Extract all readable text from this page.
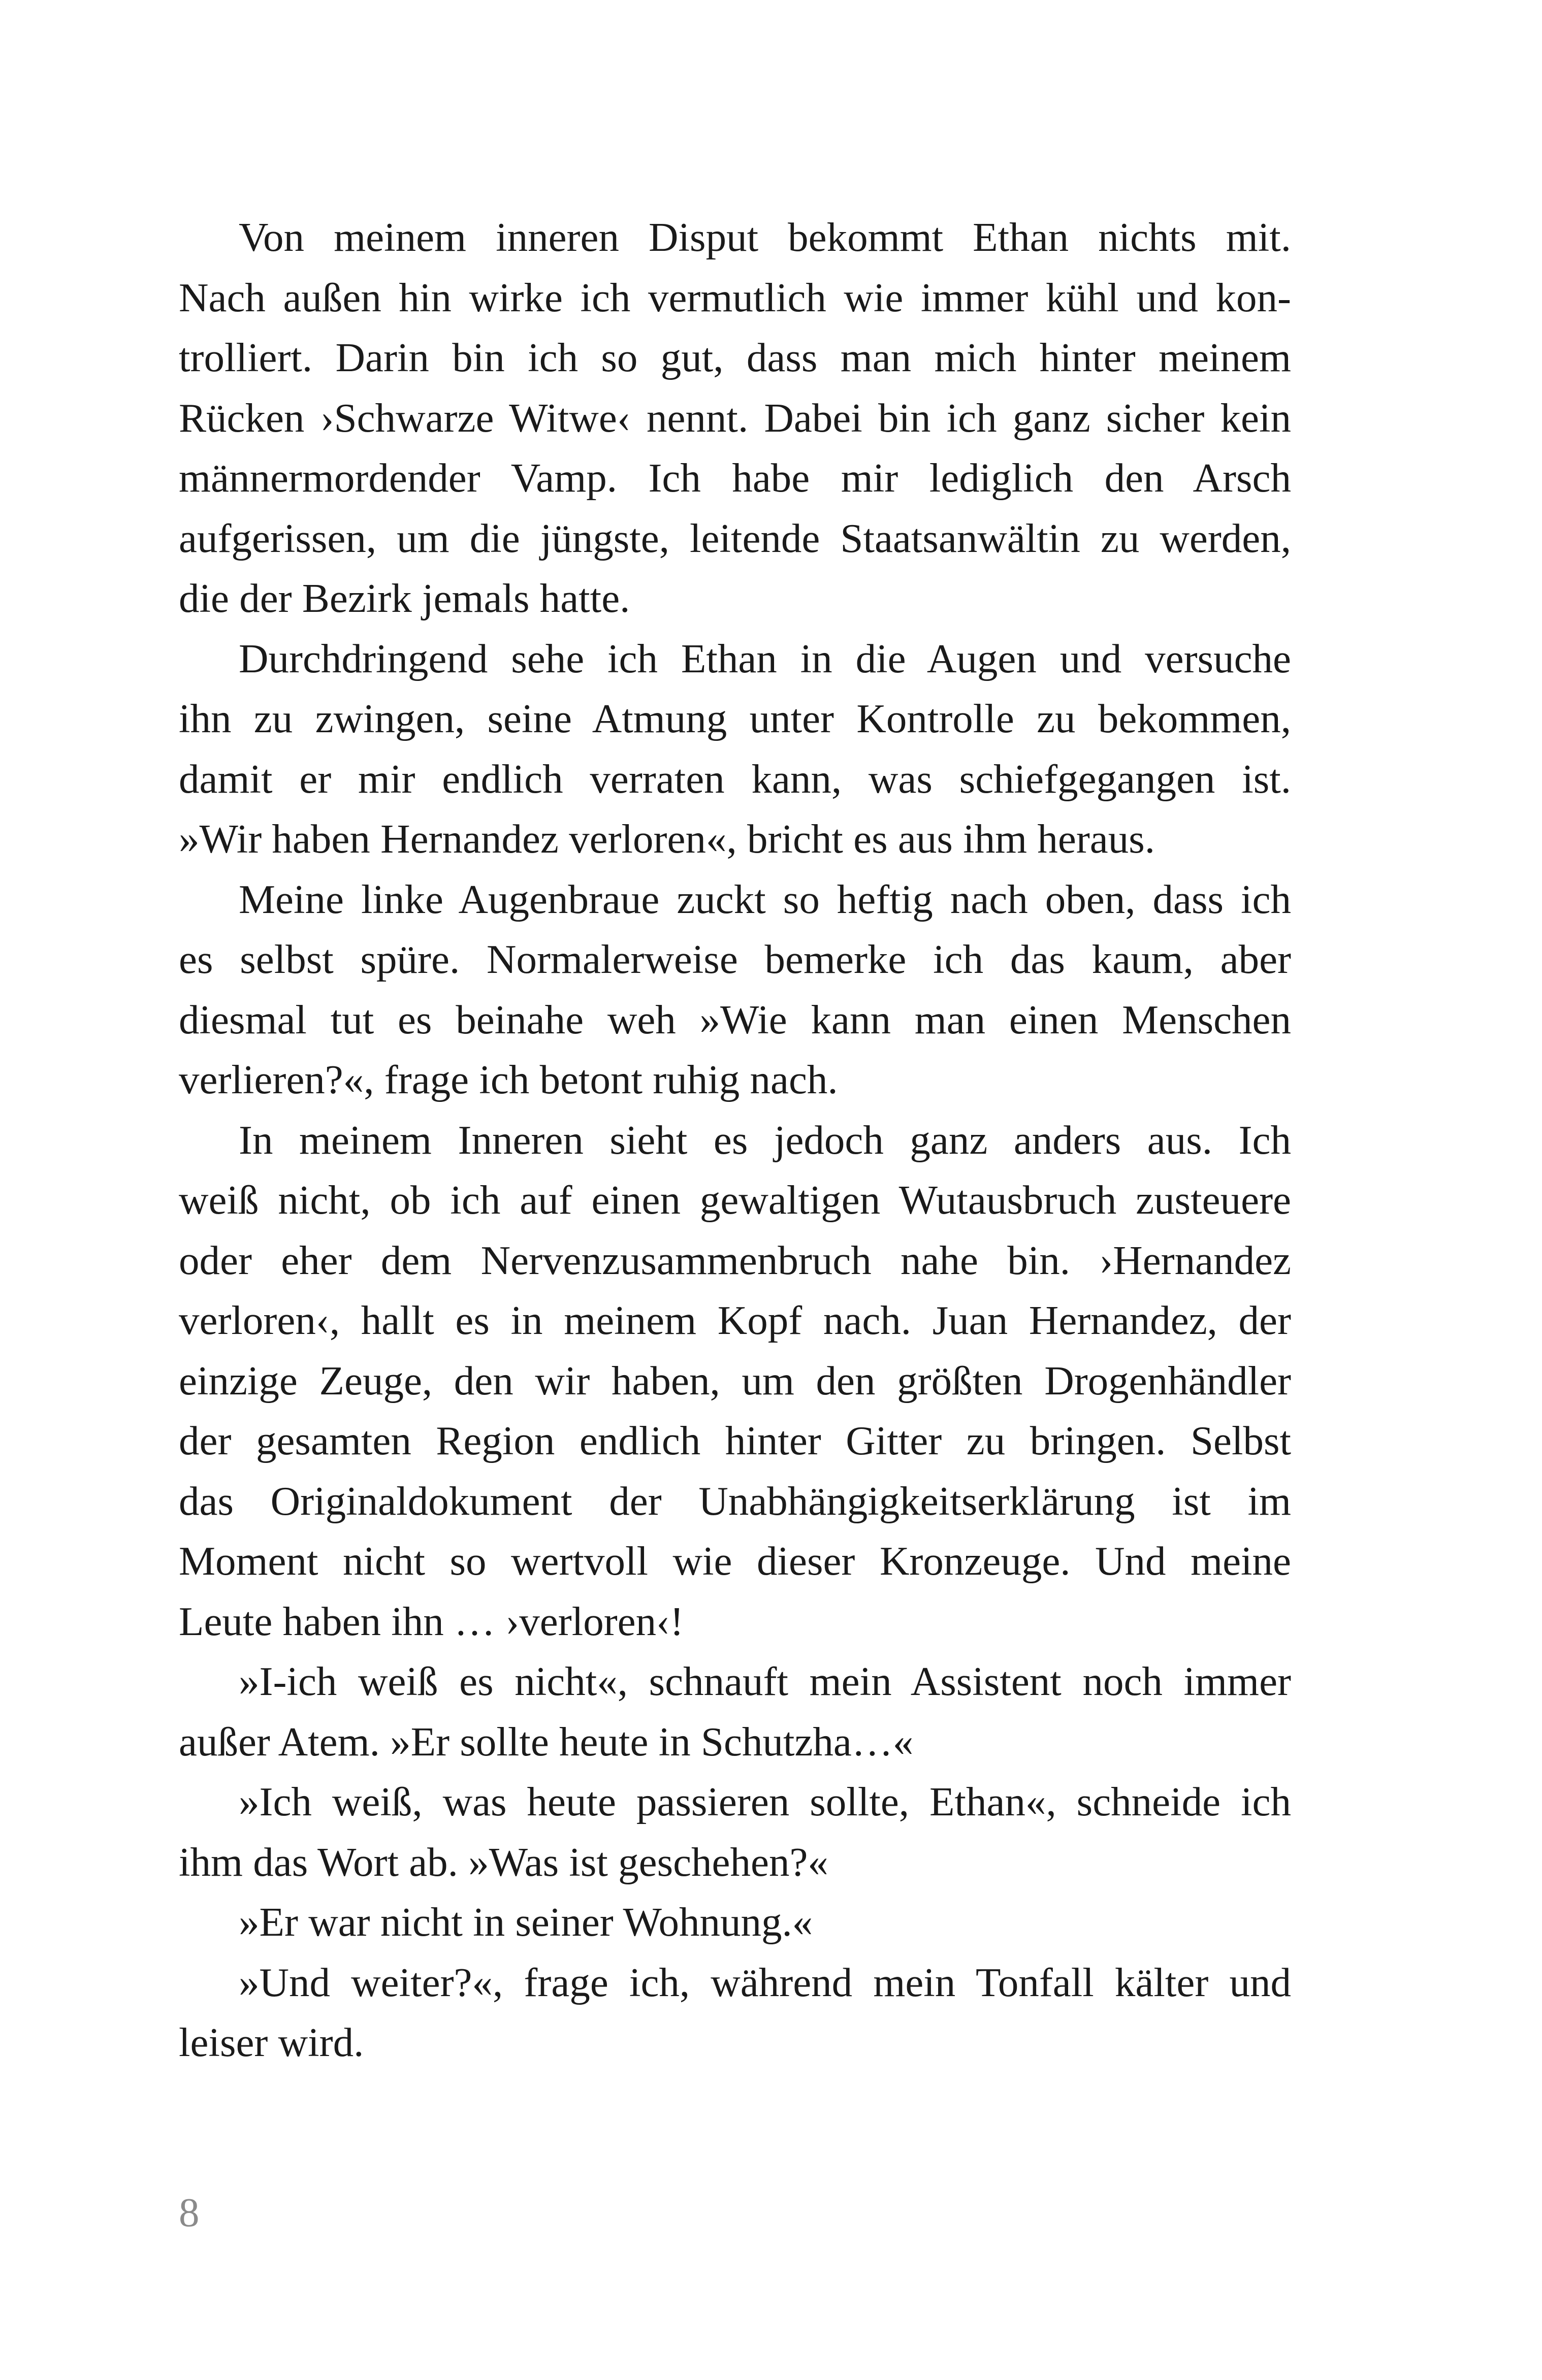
Von meinem inneren Disput bekommt Ethan nichts mit.
Nach außen hin wirke ich vermutlich wie immer kühl und kon-
trolliert. Darin bin ich so gut, dass man mich hinter meinem
Rücken ›Schwarze Witwe‹ nennt. Dabei bin ich ganz sicher kein
männermordender Vamp. Ich habe mir lediglich den Arsch
aufgerissen, um die jüngste, leitende Staatsanwältin zu werden,
die der Bezirk jemals hatte.

Durchdringend sehe ich Ethan in die Augen und versuche
ihn zu zwingen, seine Atmung unter Kontrolle zu bekommen,
damit er mir endlich verraten kann, was schiefgegangen ist.
»Wir haben Hernandez verloren«, bricht es aus ihm heraus.

Meine linke Augenbraue zuckt so heftig nach oben, dass ich
es selbst spüre. Normalerweise bemerke ich das kaum, aber
diesmal tut es beinahe weh »Wie kann man einen Menschen
verlieren?«, frage ich betont ruhig nach.

In meinem Inneren sieht es jedoch ganz anders aus. Ich
weiß nicht, ob ich auf einen gewaltigen Wutausbruch zusteuere
oder eher dem Nervenzusammenbruch nahe bin. ›Hernandez
verloren‹, hallt es in meinem Kopf nach. Juan Hernandez, der
einzige Zeuge, den wir haben, um den größten Drogenhändler
der gesamten Region endlich hinter Gitter zu bringen. Selbst
das Originaldokument der Unabhängigkeitserklärung ist im
Moment nicht so wertvoll wie dieser Kronzeuge. Und meine
Leute haben ihn … ›verloren‹!

»I-ich weiß es nicht«, schnauft mein Assistent noch immer
außer Atem. »Er sollte heute in Schutzha…«

»Ich weiß, was heute passieren sollte, Ethan«, schneide ich
ihm das Wort ab. »Was ist geschehen?«

»Er war nicht in seiner Wohnung.«

»Und weiter?«, frage ich, während mein Tonfall kälter und
leiser wird.

8
